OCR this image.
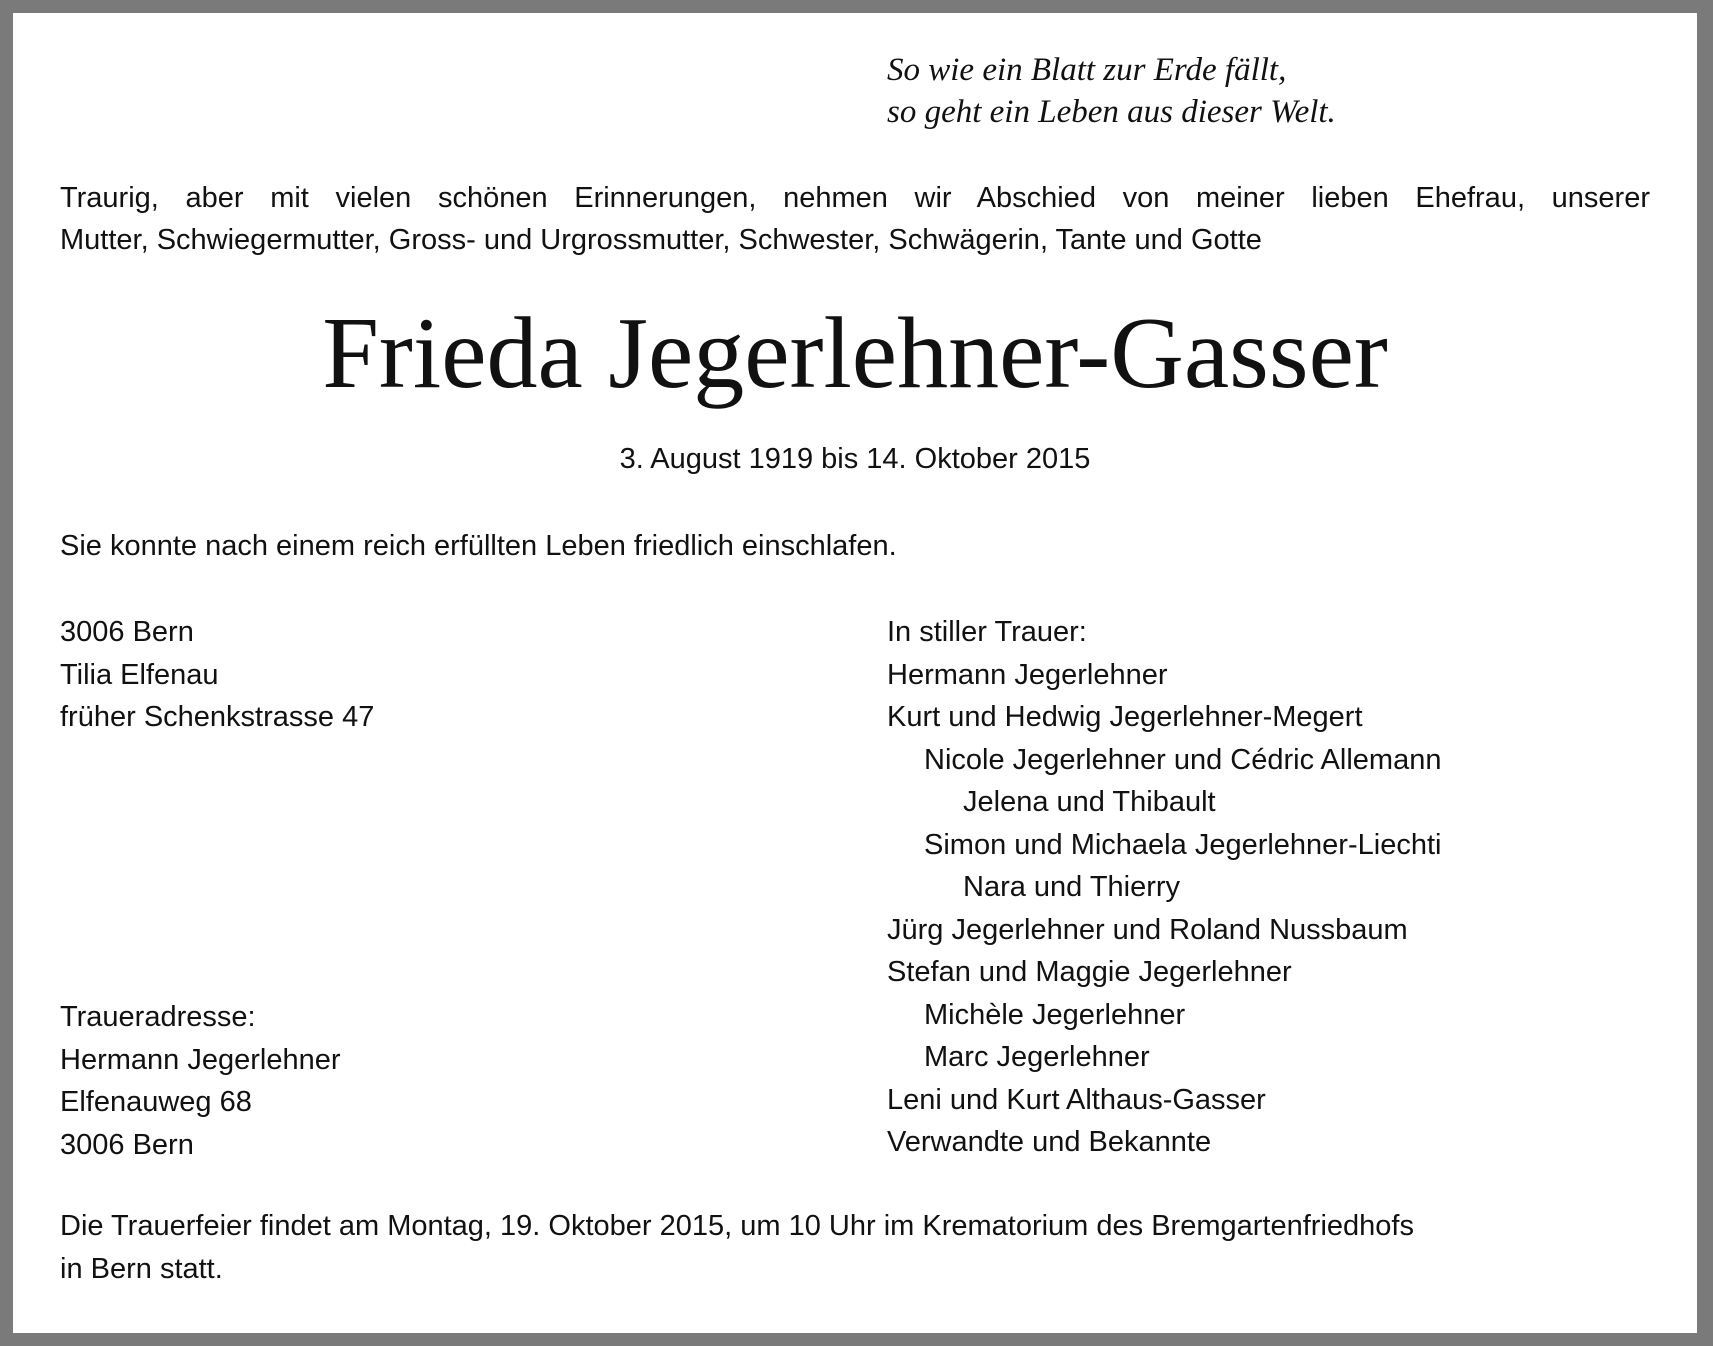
So wie ein Blatt zur Erde fällt,
so geht ein Leben aus dieser Welt.
Traurig, aber mit vielen schönen Erinnerungen, nehmen wir Abschied von meiner lieben Ehefrau, unserer
Mutter, Schwiegermutter, Gross- und Urgrossmutter, Schwester, Schwägerin, Tante und Gotte
Frieda Jegerlehner-Gasser
3. August 1919 bis 14. Oktober 2015
Sie konnte nach einem reich erfüllten Leben friedlich einschlafen.
3006 Bern
Tilia Elfenau
früher Schenkstrasse 47
Traueradresse:
Hermann Jegerlehner
Elfenauweg 68
3006 Bern
In stiller Trauer:
Hermann Jegerlehner
Kurt und Hedwig Jegerlehner-Megert
Nicole Jegerlehner und Cédric Allemann
Jelena und Thibault
Simon und Michaela Jegerlehner-Liechti
Nara und Thierry
Jürg Jegerlehner und Roland Nussbaum
Stefan und Maggie Jegerlehner
Michèle Jegerlehner
Marc Jegerlehner
Leni und Kurt Althaus-Gasser
Verwandte und Bekannte
Die Trauerfeier findet am Montag, 19. Oktober 2015, um 10 Uhr im Krematorium des Bremgartenfriedhofs
in Bern statt.
